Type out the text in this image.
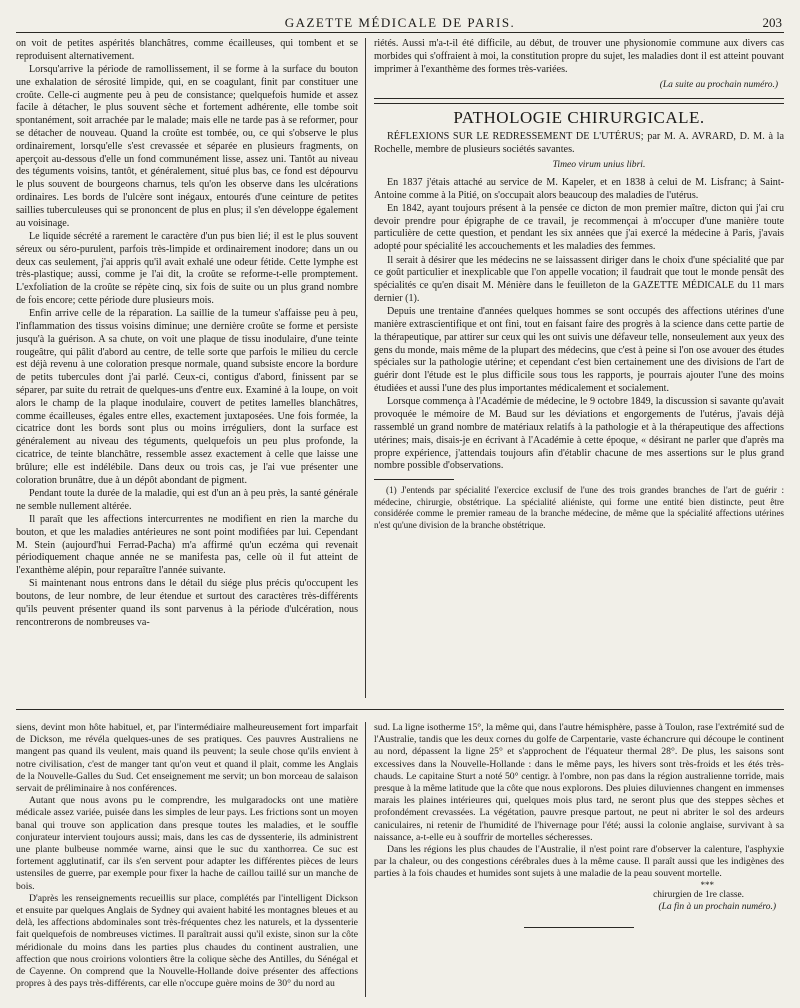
GAZETTE MÉDICALE DE PARIS.	203

on voit de petites aspérités blanchâtres, comme écailleuses, qui tombent et se reproduisent alternativement.

Lorsqu'arrive la période de ramollissement, il se forme à la surface du bouton une exhalation de sérosité limpide, qui, en se coagulant, finit par constituer une croûte. Celle-ci augmente peu à peu de consistance; quelquefois humide et assez facile à détacher, le plus souvent sèche et fortement adhérente, elle tombe soit spontanément, soit arrachée par le malade; mais elle ne tarde pas à se reformer, pour se détacher de nouveau. Quand la croûte est tombée, ou, ce qui s'observe le plus ordinairement, lorsqu'elle s'est crevassée et séparée en plusieurs fragments, on aperçoit au-dessous d'elle un fond communément lisse, assez uni. Tantôt au niveau des téguments voisins, tantôt, et généralement, situé plus bas, ce fond est dépourvu le plus souvent de bourgeons charnus, tels qu'on les observe dans les ulcérations ordinaires. Les bords de l'ulcère sont inégaux, entourés d'une ceinture de petites saillies tuberculeuses qui se prononcent de plus en plus; il s'en développe également au voisinage.

Le liquide sécrété a rarement le caractère d'un pus bien lié; il est le plus souvent séreux ou séro-purulent, parfois très-limpide et ordinairement inodore; dans un ou deux cas seulement, j'ai appris qu'il avait exhalé une odeur fétide. Cette lymphe est très-plastique; aussi, comme je l'ai dit, la croûte se reforme-t-elle promptement. L'exfoliation de la croûte se répète cinq, six fois de suite ou un plus grand nombre de fois encore; cette période dure plusieurs mois.

Enfin arrive celle de la réparation. La saillie de la tumeur s'affaisse peu à peu, l'inflammation des tissus voisins diminue; une dernière croûte se forme et persiste jusqu'à la guérison. A sa chute, on voit une plaque de tissu inodulaire, d'une teinte rougeâtre, qui pâlit d'abord au centre, de telle sorte que parfois le milieu du cercle est déjà revenu à une coloration presque normale, quand subsiste encore la bordure de petits tubercules dont j'ai parlé. Ceux-ci, contigus d'abord, finissent par se séparer, par suite du retrait de quelques-uns d'entre eux. Examiné à la loupe, on voit alors le champ de la plaque inodulaire, couvert de petites lamelles blanchâtres, comme écailleuses, égales entre elles, exactement juxtaposées. Une fois formée, la cicatrice dont les bords sont plus ou moins irréguliers, dont la surface est généralement au niveau des téguments, quelquefois un peu plus profonde, la cicatrice, de teinte blanchâtre, ressemble assez exactement à celle que laisse une brûlure; elle est indélébile. Dans deux ou trois cas, je l'ai vue présenter une coloration brunâtre, due à un dépôt abondant de pigment.

Pendant toute la durée de la maladie, qui est d'un an à peu près, la santé générale ne semble nullement altérée.

Il paraît que les affections intercurrentes ne modifient en rien la marche du bouton, et que les maladies antérieures ne sont point modifiées par lui. Cependant M. Stein (aujourd'hui Ferrad-Pacha) m'a affirmé qu'un eczéma qui revenait périodiquement chaque année ne se manifesta pas, celle où il fut atteint de l'exanthème alépin, pour reparaître l'année suivante.

Si maintenant nous entrons dans le détail du siége plus précis qu'occupent les boutons, de leur nombre, de leur étendue et surtout des caractères très-différents qu'ils peuvent présenter quand ils sont parvenus à la période d'ulcération, nous rencontrerons de nombreuses va-

riétés. Aussi m'a-t-il été difficile, au début, de trouver une physionomie commune aux divers cas morbides qui s'offraient à moi, la constitution propre du sujet, les maladies dont il est atteint pouvant imprimer à l'exanthème des formes très-variées.

(La suite au prochain numéro.)
PATHOLOGIE CHIRURGICALE.

RÉFLEXIONS SUR LE REDRESSEMENT DE L'UTÉRUS; par M. A. AVRARD, D. M. à la Rochelle, membre de plusieurs sociétés savantes.

Timeo virum unius libri.

En 1837 j'étais attaché au service de M. Kapeler, et en 1838 à celui de M. Lisfranc; à Saint-Antoine comme à la Pitié, on s'occupait alors beaucoup des maladies de l'utérus.

En 1842, ayant toujours présent à la pensée ce dicton de mon premier maître, dicton qui j'ai cru devoir prendre pour épigraphe de ce travail, je recommençai à m'occuper d'une manière toute particulière de cette question, et pendant les six années que j'ai exercé la médecine à Paris, j'avais adopté pour spécialité les accouchements et les maladies des femmes.

Il serait à désirer que les médecins ne se laissassent diriger dans le choix d'une spécialité que par ce goût particulier et inexplicable que l'on appelle vocation; il faudrait que tout le monde pensât des spécialités ce qu'en disait M. Ménière dans le feuilleton de la GAZETTE MÉDICALE du 11 mars dernier (1).

Depuis une trentaine d'années quelques hommes se sont occupés des affections utérines d'une manière extrascientifique et ont fini, tout en faisant faire des progrès à la science dans cette partie de la thérapeutique, par attirer sur ceux qui les ont suivis une défaveur telle, nonseulement aux yeux des gens du monde, mais même de la plupart des médecins, que c'est à peine si l'on ose avouer des études spéciales sur la pathologie utérine; et cependant c'est bien certainement une des divisions de l'art de guérir dont l'étude est le plus difficile sous tous les rapports, je pourrais ajouter l'une des moins étudiées et aussi l'une des plus importantes médicalement et socialement.

Lorsque commença à l'Académie de médecine, le 9 octobre 1849, la discussion si savante qu'avait provoquée le mémoire de M. Baud sur les déviations et engorgements de l'utérus, j'avais déjà rassemblé un grand nombre de matériaux relatifs à la pathologie et à la thérapeutique des affections utérines; mais, disais-je en écrivant à l'Académie à cette époque, « désirant ne parler que d'après ma propre expérience, j'attendais toujours afin d'établir chacune de mes assertions sur le plus grand nombre possible d'observations.

(1) J'entends par spécialité l'exercice exclusif de l'une des trois grandes branches de l'art de guérir : médecine, chirurgie, obstétrique. La spécialité aliéniste, qui forme une entité bien distincte, peut être considérée comme le premier rameau de la branche médecine, de même que la spécialité affections utérines n'est qu'une division de la branche obstétrique.

siens, devint mon hôte habituel, et, par l'intermédiaire malheureusement fort imparfait de Dickson, me révéla quelques-unes de ses pratiques. Ces pauvres Australiens ne mangent pas quand ils veulent, mais quand ils peuvent; la seule chose qu'ils envient à notre civilisation, c'est de manger tant qu'on veut et quand il plait, comme les Anglais de la Nouvelle-Galles du Sud. Cet enseignement me servit; un bon morceau de salaison servait de préliminaire à nos conférences.

Autant que nous avons pu le comprendre, les mulgaradocks ont une matière médicale assez variée, puisée dans les simples de leur pays. Les frictions sont un moyen banal qui trouve son application dans presque toutes les maladies, et le souffle conjurateur intervient toujours aussi; mais, dans les cas de dyssenterie, ils administrent une plante bulbeuse nommée warne, ainsi que le suc du xanthorrea. Ce suc est fortement agglutinatif, car ils s'en servent pour adapter les différentes pièces de leurs ustensiles de guerre, par exemple pour fixer la hache de caillou taillé sur un manche de bois.

D'après les renseignements recueillis sur place, complétés par l'intelligent Dickson et ensuite par quelques Anglais de Sydney qui avaient habité les montagnes bleues et au delà, les affections abdominales sont très-fréquentes chez les naturels, et la dyssenterie fait quelquefois de nombreuses victimes. Il paraîtrait aussi qu'il existe, sinon sur la côte méridionale du moins dans les parties plus chaudes du continent australien, une affection que nous croirions volontiers être la colique sèche des Antilles, du Sénégal et de Cayenne. On comprend que la Nouvelle-Hollande doive présenter des affections propres à des pays très-différents, car elle n'occupe guère moins de 30° du nord au

sud. La ligne isotherme 15°, la même qui, dans l'autre hémisphère, passe à Toulon, rase l'extrémité sud de l'Australie, tandis que les deux cornes du golfe de Carpentarie, vaste échancrure qui découpe le continent au nord, dépassent la ligne 25° et s'approchent de l'équateur thermal 28°. De plus, les saisons sont excessives dans la Nouvelle-Hollande : dans le même pays, les hivers sont très-froids et les étés très-chauds. Le capitaine Sturt a noté 50° centigr. à l'ombre, non pas dans la région australienne torride, mais presque à la même latitude que la côte que nous explorons. Des pluies diluviennes changent en immenses marais les plaines intérieures qui, quelques mois plus tard, ne seront plus que des steppes sèches et profondément crevassées. La végétation, pauvre presque partout, ne peut ni abriter le sol des ardeurs caniculaires, ni retenir de l'humidité de l'hivernage pour l'été; aussi la colonie anglaise, survivant à sa naissance, a-t-elle eu à souffrir de mortelles sécheresses.

Dans les régions les plus chaudes de l'Australie, il n'est point rare d'observer la calenture, l'asphyxie par la chaleur, ou des congestions cérébrales dues à la même cause. Il paraît aussi que les indigènes des parties à la fois chaudes et humides sont sujets à une maladie de la peau souvent mortelle.

***
chirurgien de 1re classe.
(La fin à un prochain numéro.)
